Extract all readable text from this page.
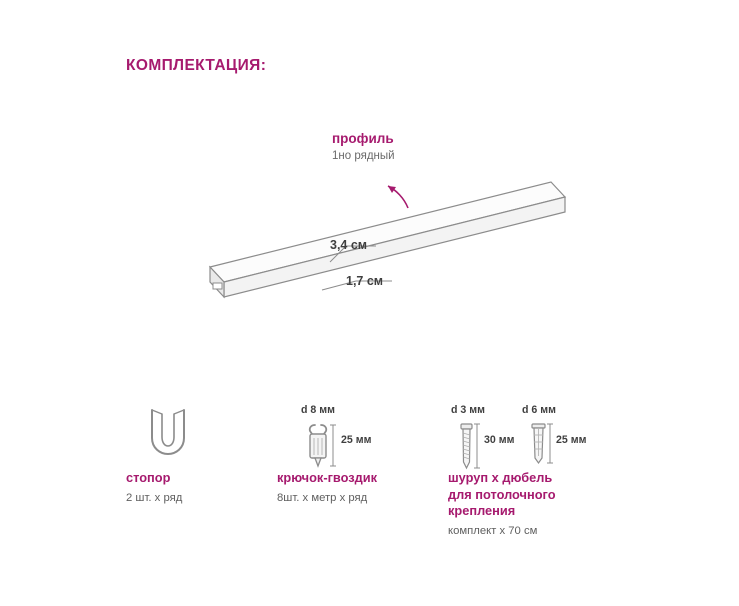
КОМПЛЕКТАЦИЯ:
профиль
1но рядный
3,4 см
1,7 см
стопор
2 шт. х ряд
d 8 мм
25 мм
крючок-гвоздик
8шт. х метр х ряд
d 3 мм
30 мм
d 6 мм
25 мм
шуруп х дюбель
для потолочного
крепления
комплект х 70 см
